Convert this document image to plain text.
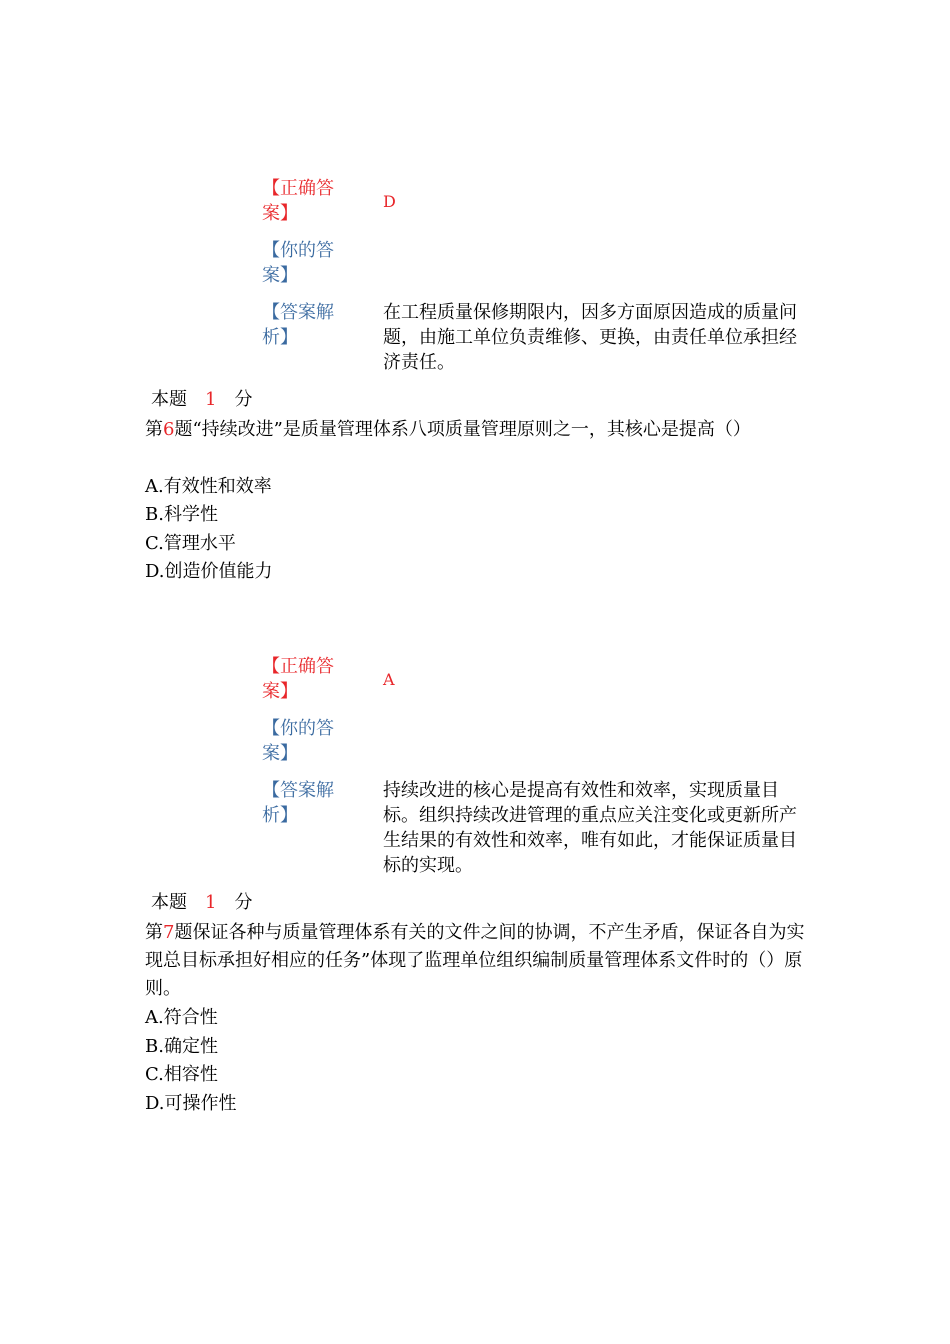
【正确答案】
D
【你的答案】
【答案解析】
在工程质量保修期限内，因多方面原因造成的质量问题，由施工单位负责维修、更换，由责任单位承担经济责任。
本题　 1　 分
第6题“持续改进”是质量管理体系八项质量管理原则之一，其核心是提高（）
A.有效性和效率
B.科学性
C.管理水平
D.创造价值能力
【正确答案】
A
【你的答案】
【答案解析】
持续改进的核心是提高有效性和效率，实现质量目标。组织持续改进管理的重点应关注变化或更新所产生结果的有效性和效率，唯有如此，才能保证质量目标的实现。
本题　 1　 分
第7题保证各种与质量管理体系有关的文件之间的协调，不产生矛盾，保证各自为实现总目标承担好相应的任务”体现了监理单位组织编制质量管理体系文件时的（）原则。
A.符合性
B.确定性
C.相容性
D.可操作性
